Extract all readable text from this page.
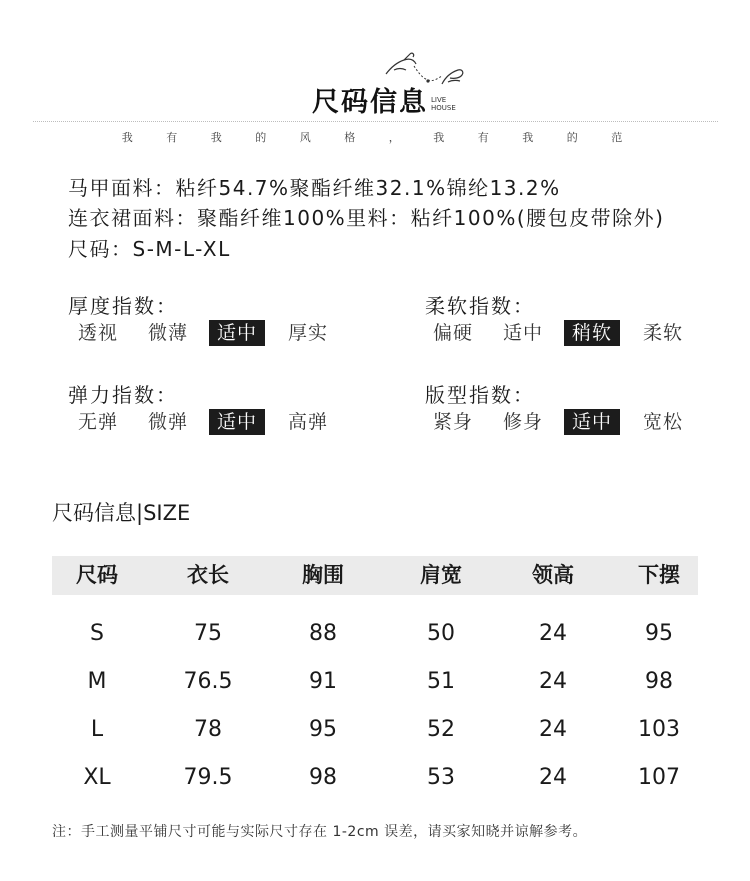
尺码信息 LIVE
HOUSE
我 有 我 的 风 格 ， 我 有 我 的 范
马甲面料：粘纤54.7%聚酯纤维32.1%锦纶13.2%
连衣裙面料：聚酯纤维100%里料：粘纤100%(腰包皮带除外)
尺码：S-M-L-XL
厚度指数：
透视	微薄	适中	厚实
柔软指数：
偏硬	适中	稍软	柔软
弹力指数：
无弹	微弹	适中	高弹
版型指数：
紧身	修身	适中	宽松
尺码信息|SIZE
尺码	衣长	胸围	肩宽	领高	下摆
S	75	88	50	24	95
M	76.5	91	51	24	98
L	78	95	52	24	103
XL	79.5	98	53	24	107
注：手工测量平铺尺寸可能与实际尺寸存在 1-2cm 误差，请买家知晓并谅解参考。
